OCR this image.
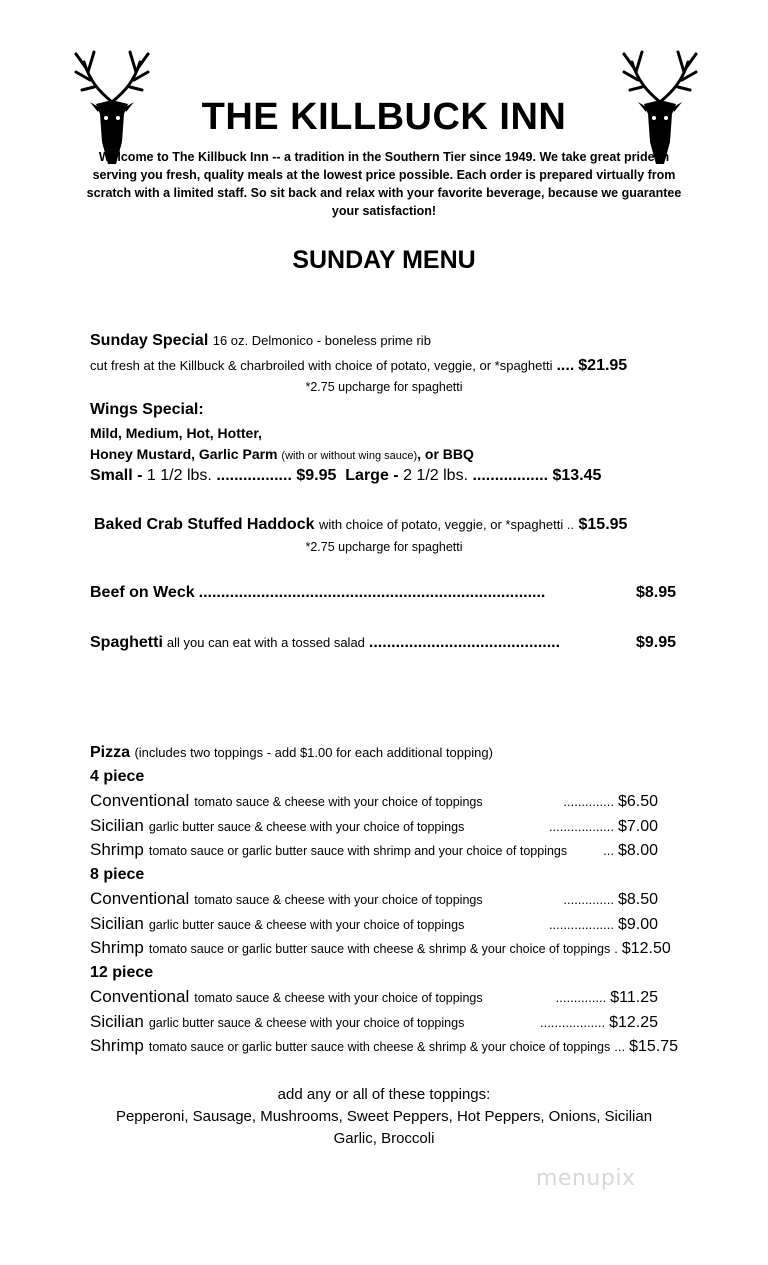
THE KILLBUCK INN
Welcome to The Killbuck Inn -- a tradition in the Southern Tier since 1949. We take great pride in serving you fresh, quality meals at the lowest price possible. Each order is prepared virtually from scratch with a limited staff. So sit back and relax with your favorite beverage, because we guarantee your satisfaction!
SUNDAY MENU
Sunday Special 16 oz. Delmonico - boneless prime rib
cut fresh at the Killbuck & charbroiled with choice of potato, veggie, or *spaghetti .... $21.95
*2.75 upcharge for spaghetti
Wings Special:
Mild, Medium, Hot, Hotter,
Honey Mustard, Garlic Parm (with or without wing sauce), or BBQ
Small - 1 1/2 lbs. ................. $9.95 Large - 2 1/2 lbs. ................. $13.45
Baked Crab Stuffed Haddock with choice of potato, veggie, or *spaghetti .. $15.95
*2.75 upcharge for spaghetti
Beef on Weck ..............................................................................	$8.95
Spaghetti all you can eat with a tossed salad ...........................................	$9.95
Pizza (includes two toppings - add $1.00 for each additional topping)
4 piece
Conventional tomato sauce & cheese with your choice of toppings	.............. $6.50
Sicilian garlic butter sauce & cheese with your choice of toppings	.................. $7.00
Shrimp tomato sauce or garlic butter sauce with shrimp and your choice of toppings	... $8.00
8 piece
Conventional tomato sauce & cheese with your choice of toppings	.............. $8.50
Sicilian garlic butter sauce & cheese with your choice of toppings	.................. $9.00
Shrimp tomato sauce or garlic butter sauce with cheese & shrimp & your choice of toppings . $12.50
12 piece
Conventional tomato sauce & cheese with your choice of toppings	.............. $11.25
Sicilian garlic butter sauce & cheese with your choice of toppings	.................. $12.25
Shrimp tomato sauce or garlic butter sauce with cheese & shrimp & your choice of toppings ... $15.75
add any or all of these toppings:
Pepperoni, Sausage, Mushrooms, Sweet Peppers, Hot Peppers, Onions, Sicilian Garlic, Broccoli
menupix
